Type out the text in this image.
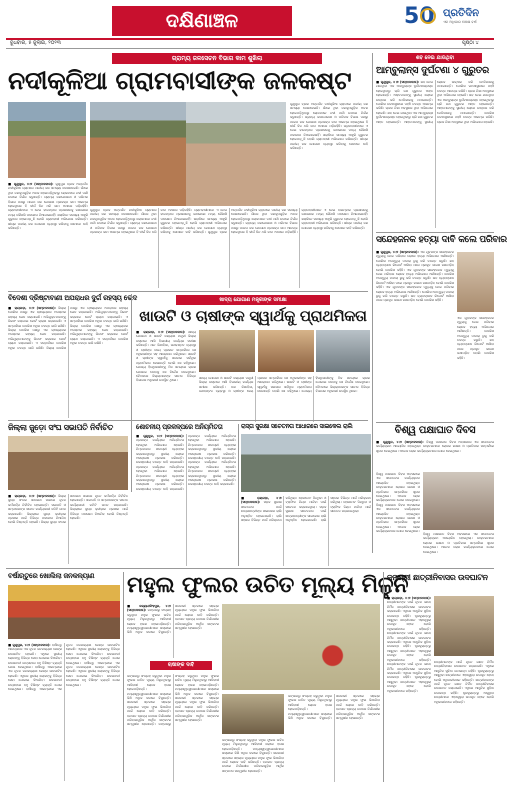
ଦକ୍ଷିଣାଞ୍ଚଳ	50 ପ୍ରତିଦିନ
ଏକ ଅଧିକାର ପଞ୍ଚାଶ ବର୍ଷ
ବୁଧବାର, ୫ ଜୁଲାଇ, ୨୦୨୩	ପୃଷ୍ଠା ୪
ଗ୍ରାମ୍ୟ ଜଳସେଚନ ବିଭାଗ କାମ ଶୁଖିଲା
ନଦୀକୂଳିଆ ଗ୍ରାମବାସୀଙ୍କ ଜଳକଷ୍ଟ
■ ଗୁଣୁପୁର, ୪।୭ (ସମ୍ବାଦଦାତା): ଗୁଣୁପୁର ବ୍ଲକ ଅନ୍ତର୍ଗତ ନଦୀକୂଳିଆ ଗ୍ରାମରେ ପାନୀୟ ଜଳ ସମସ୍ୟା ଦେଖାଦେଇଛି। ଗାଁରେ ଥିବା ନଳକୂପଗୁଡ଼ିକ ଅଚଳ ହୋଇପଡ଼ିଥିବାରୁ ଲୋକମାନେ ନଦୀ ପାଣି ଉପରେ ନିର୍ଭର କରୁଛନ୍ତି। ଗ୍ରାମ୍ୟ ଜଳଯୋଗାଣ ଓ ପରିମଳ ବିଭାଗ ପକ୍ଷରୁ ପାଇପ ଜଳ ଯୋଗାଣ ପ୍ରକଳ୍ପ କାମ ଆରମ୍ଭ ହୋଇଥିଲେ ବି ଦୀର୍ଘ ଦିନ ଧରି କାମ ଅଧାରେ ପଡ଼ିରହିଛି। ଗ୍ରାମବାସୀମାନେ ଏ ନେଇ ବାରମ୍ବାର ପ୍ରଶାସନକୁ ଜଣାଇଲେ ମଧ୍ୟ କୌଣସି ପଦକ୍ଷେପ ନିଆଯାଇନାହିଁ। ଖରାଦିନେ ସମସ୍ୟା ଆହୁରି ଗୁରୁତର ହୋଇପଡ଼ୁଛି ବୋଲି ଗ୍ରାମବାସୀ ଅଭିଯୋଗ କରିଛନ୍ତି। ଶୀଘ୍ର ପାନୀୟ ଜଳ ଯୋଗାଣ ବ୍ୟବସ୍ଥା କରିବାକୁ ସେମାନେ ଦାବି କରିଛନ୍ତି।
ଗୁଣୁପୁର ବ୍ଲକ ଅନ୍ତର୍ଗତ ନଦୀକୂଳିଆ ଗ୍ରାମରେ ପାନୀୟ ଜଳ ସମସ୍ୟା ଦେଖାଦେଇଛି। ଗାଁରେ ଥିବା ନଳକୂପଗୁଡ଼ିକ ଅଚଳ ହୋଇପଡ଼ିଥିବାରୁ ଲୋକମାନେ ନଦୀ ପାଣି ଉପରେ ନିର୍ଭର କରୁଛନ୍ତି। ଗ୍ରାମ୍ୟ ଜଳଯୋଗାଣ ଓ ପରିମଳ ବିଭାଗ ପକ୍ଷରୁ ପାଇପ ଜଳ ଯୋଗାଣ ପ୍ରକଳ୍ପ କାମ ଆରମ୍ଭ ହୋଇଥିଲେ ବି ଦୀର୍ଘ ଦିନ ଧରି କାମ ଅଧାରେ ପଡ଼ିରହିଛି। ଗ୍ରାମବାସୀମାନେ ଏ ନେଇ ବାରମ୍ବାର ପ୍ରଶାସନକୁ ଜଣାଇଲେ ମଧ୍ୟ କୌଣସି ପଦକ୍ଷେପ ନିଆଯାଇନାହିଁ। ଖରାଦିନେ ସମସ୍ୟା ଆହୁରି ଗୁରୁତର ହୋଇପଡ଼ୁଛି ବୋଲି ଗ୍ରାମବାସୀ ଅଭିଯୋଗ କରିଛନ୍ତି। ଶୀଘ୍ର ପାନୀୟ ଜଳ ଯୋଗାଣ ବ୍ୟବସ୍ଥା କରିବାକୁ ସେମାନେ ଦାବି କରିଛନ୍ତି। ଗୁଣୁପୁର ବ୍ଲକ ଅନ୍ତର୍ଗତ ନଦୀକୂଳିଆ ଗ୍ରାମରେ ପାନୀୟ ଜଳ ସମସ୍ୟା ଦେଖାଦେଇଛି। ଗାଁରେ ଥିବା ନଳକୂପଗୁଡ଼ିକ ଅଚଳ ହୋଇପଡ଼ିଥିବାରୁ ଲୋକମାନେ ନଦୀ ପାଣି ଉପରେ ନିର୍ଭର କରୁଛନ୍ତି। ଗ୍ରାମ୍ୟ ଜଳଯୋଗାଣ ଓ ପରିମଳ ବିଭାଗ ପକ୍ଷରୁ ପାଇପ ଜଳ ଯୋଗାଣ ପ୍ରକଳ୍ପ କାମ ଆରମ୍ଭ ହୋଇଥିଲେ ବି ଦୀର୍ଘ ଦିନ ଧରି କାମ ଅଧାରେ ପଡ଼ିରହିଛି। ଗ୍ରାମବାସୀମାନେ ଏ ନେଇ ବାରମ୍ବାର ପ୍ରଶାସନକୁ ଜଣାଇଲେ ମଧ୍ୟ କୌଣସି ପଦକ୍ଷେପ ନିଆଯାଇନାହିଁ। ଖରାଦିନେ ସମସ୍ୟା ଆହୁରି ଗୁରୁତର ହୋଇପଡ଼ୁଛି ବୋଲି ଗ୍ରାମବାସୀ ଅଭିଯୋଗ କରିଛନ୍ତି। ଶୀଘ୍ର ପାନୀୟ ଜଳ ଯୋଗାଣ ବ୍ୟବସ୍ଥା କରିବାକୁ ସେମାନେ ଦାବି କରିଛନ୍ତି।
ଗୁଣୁପୁର ବ୍ଲକ ଅନ୍ତର୍ଗତ ନଦୀକୂଳିଆ ଗ୍ରାମରେ ପାନୀୟ ଜଳ ସମସ୍ୟା ଦେଖାଦେଇଛି। ଗାଁରେ ଥିବା ନଳକୂପଗୁଡ଼ିକ ଅଚଳ ହୋଇପଡ଼ିଥିବାରୁ ଲୋକମାନେ ନଦୀ ପାଣି ଉପରେ ନିର୍ଭର କରୁଛନ୍ତି। ଗ୍ରାମ୍ୟ ଜଳଯୋଗାଣ ଓ ପରିମଳ ବିଭାଗ ପକ୍ଷରୁ ପାଇପ ଜଳ ଯୋଗାଣ ପ୍ରକଳ୍ପ କାମ ଆରମ୍ଭ ହୋଇଥିଲେ ବି ଦୀର୍ଘ ଦିନ ଧରି କାମ ଅଧାରେ ପଡ଼ିରହିଛି। ଗ୍ରାମବାସୀମାନେ ଏ ନେଇ ବାରମ୍ବାର ପ୍ରଶାସନକୁ ଜଣାଇଲେ ମଧ୍ୟ କୌଣସି ପଦକ୍ଷେପ ନିଆଯାଇନାହିଁ। ଖରାଦିନେ ସମସ୍ୟା ଆହୁରି ଗୁରୁତର ହୋଇପଡ଼ୁଛି ବୋଲି ଗ୍ରାମବାସୀ ଅଭିଯୋଗ କରିଛନ୍ତି। ଶୀଘ୍ର ପାନୀୟ ଜଳ ଯୋଗାଣ ବ୍ୟବସ୍ଥା କରିବାକୁ ସେମାନେ ଦାବି କରିଛନ୍ତି।
ଶବ ନେଇ ଯାଉଥିବା
ଆମ୍ବୁଲାନ୍ସ ଦୁର୍ଘଟଣା ୪ ଗୁରୁତର
■ ଗୁଣୁପୁର, ୪।୭ (ସମ୍ବାଦଦାତା): ଶବ ନେଇ ଯାଉଥିବା ଏକ ଆମ୍ବୁଲାନ୍ସ ଦୁର୍ଘଟଣାଗ୍ରସ୍ତ ହୋଇଥିବାରୁ ଚାରି ଜଣ ଗୁରୁତର ଆହତ ହୋଇଛନ୍ତି। ଆହତମାନଙ୍କୁ ସ୍ଥାନୀୟ ଲୋକେ ଉଦ୍ଧାର କରି ମେଡିକାଲକୁ ପଠାଇଛନ୍ତି। ପୋଲିସ ଘଟଣାସ୍ଥଳରେ ପହଞ୍ଚି ତଦନ୍ତ ଆରମ୍ଭ କରିଛି। ଚାଳକ ନିଶା ଅବସ୍ଥାରେ ଥିବା ଅଭିଯୋଗ ହୋଇଛି। ଶବ ନେଇ ଯାଉଥିବା ଏକ ଆମ୍ବୁଲାନ୍ସ ଦୁର୍ଘଟଣାଗ୍ରସ୍ତ ହୋଇଥିବାରୁ ଚାରି ଜଣ ଗୁରୁତର ଆହତ ହୋଇଛନ୍ତି। ଆହତମାନଙ୍କୁ ସ୍ଥାନୀୟ ଲୋକେ ଉଦ୍ଧାର କରି ମେଡିକାଲକୁ ପଠାଇଛନ୍ତି। ପୋଲିସ ଘଟଣାସ୍ଥଳରେ ପହଞ୍ଚି ତଦନ୍ତ ଆରମ୍ଭ କରିଛି। ଚାଳକ ନିଶା ଅବସ୍ଥାରେ ଥିବା ଅଭିଯୋଗ ହୋଇଛି। ଶବ ନେଇ ଯାଉଥିବା ଏକ ଆମ୍ବୁଲାନ୍ସ ଦୁର୍ଘଟଣାଗ୍ରସ୍ତ ହୋଇଥିବାରୁ ଚାରି ଜଣ ଗୁରୁତର ଆହତ ହୋଇଛନ୍ତି। ଆହତମାନଙ୍କୁ ସ୍ଥାନୀୟ ଲୋକେ ଉଦ୍ଧାର କରି ମେଡିକାଲକୁ ପଠାଇଛନ୍ତି। ପୋଲିସ ଘଟଣାସ୍ଥଳରେ ପହଞ୍ଚି ତଦନ୍ତ ଆରମ୍ଭ କରିଛି। ଚାଳକ ନିଶା ଅବସ୍ଥାରେ ଥିବା ଅଭିଯୋଗ ହୋଇଛି।
ସନ୍ଦେହଜନକ ହତ୍ୟା ଦାବି କଲେ ପରିବାର
■ ଗୁଣୁପୁର, ୪।୭ (ସମ୍ବାଦଦାତା): ଏକ ଯୁବକଙ୍କ ସନ୍ଦେହଜନକ ମୃତ୍ୟୁକୁ ନେଇ ପରିବାର ଲୋକେ ହତ୍ୟା ଅଭିଯୋଗ ଆଣିଛନ୍ତି। ପୋଲିସ ଅପମୃତ୍ୟୁ ମାମଲା ରୁଜୁ କରି ତଦନ୍ତ କରୁଛି। ଶବ ବ୍ୟବଚ୍ଛେଦ ରିପୋର୍ଟ ଆସିବା ପରେ ପ୍ରକୃତ କାରଣ ଜଣାପଡ଼ିବ ବୋଲି ପୋଲିସ କହିଛି। ଏକ ଯୁବକଙ୍କ ସନ୍ଦେହଜନକ ମୃତ୍ୟୁକୁ ନେଇ ପରିବାର ଲୋକେ ହତ୍ୟା ଅଭିଯୋଗ ଆଣିଛନ୍ତି। ପୋଲିସ ଅପମୃତ୍ୟୁ ମାମଲା ରୁଜୁ କରି ତଦନ୍ତ କରୁଛି। ଶବ ବ୍ୟବଚ୍ଛେଦ ରିପୋର୍ଟ ଆସିବା ପରେ ପ୍ରକୃତ କାରଣ ଜଣାପଡ଼ିବ ବୋଲି ପୋଲିସ କହିଛି। ଏକ ଯୁବକଙ୍କ ସନ୍ଦେହଜନକ ମୃତ୍ୟୁକୁ ନେଇ ପରିବାର ଲୋକେ ହତ୍ୟା ଅଭିଯୋଗ ଆଣିଛନ୍ତି। ପୋଲିସ ଅପମୃତ୍ୟୁ ମାମଲା ରୁଜୁ କରି ତଦନ୍ତ କରୁଛି। ଶବ ବ୍ୟବଚ୍ଛେଦ ରିପୋର୍ଟ ଆସିବା ପରେ ପ୍ରକୃତ କାରଣ ଜଣାପଡ଼ିବ ବୋଲି ପୋଲିସ କହିଛି।
ଏକ ଯୁବକଙ୍କ ସନ୍ଦେହଜନକ ମୃତ୍ୟୁକୁ ନେଇ ପରିବାର ଲୋକେ ହତ୍ୟା ଅଭିଯୋଗ ଆଣିଛନ୍ତି। ପୋଲିସ ଅପମୃତ୍ୟୁ ମାମଲା ରୁଜୁ କରି ତଦନ୍ତ କରୁଛି। ଶବ ବ୍ୟବଚ୍ଛେଦ ରିପୋର୍ଟ ଆସିବା ପରେ ପ୍ରକୃତ କାରଣ ଜଣାପଡ଼ିବ ବୋଲି ପୋଲିସ କହିଛି।
ବିଶ୍ୱ ପକ୍ଷାଘାତ ଦିବସ
ବିଦେଶୀ ଦ୍ରିଷ୍ଟାବାଣୀ ଅପରାଧର ଦୁର୍ଗ ରହସ୍ୟ ଭେଦ
■ ରାୟଗଡ଼ା, ୪।୭ (ସମ୍ବାଦଦାତା): ଜିଲ୍ଲା ପୋଲିସ ପକ୍ଷରୁ ଏକ ଚାଞ୍ଚଲ୍ୟକର ଅପରାଧର ରହସ୍ୟ ଭେଦ କରାଯାଇଛି। ଅଭିଯୁକ୍ତମାନଙ୍କୁ ଗିରଫ କରାଯାଇ କୋର୍ଟ ଚାଲାଣ କରାଯାଇଛି। ଏ ସମ୍ପର୍କରେ ପୋଲିସ ଅଧିକ ତଦନ୍ତ ଜାରି ରଖିଛି। ଜିଲ୍ଲା ପୋଲିସ ପକ୍ଷରୁ ଏକ ଚାଞ୍ଚଲ୍ୟକର ଅପରାଧର ରହସ୍ୟ ଭେଦ କରାଯାଇଛି। ଅଭିଯୁକ୍ତମାନଙ୍କୁ ଗିରଫ କରାଯାଇ କୋର୍ଟ ଚାଲାଣ କରାଯାଇଛି। ଏ ସମ୍ପର୍କରେ ପୋଲିସ ଅଧିକ ତଦନ୍ତ ଜାରି ରଖିଛି। ଜିଲ୍ଲା ପୋଲିସ ପକ୍ଷରୁ ଏକ ଚାଞ୍ଚଲ୍ୟକର ଅପରାଧର ରହସ୍ୟ ଭେଦ କରାଯାଇଛି। ଅଭିଯୁକ୍ତମାନଙ୍କୁ ଗିରଫ କରାଯାଇ କୋର୍ଟ ଚାଲାଣ କରାଯାଇଛି। ଏ ସମ୍ପର୍କରେ ପୋଲିସ ଅଧିକ ତଦନ୍ତ ଜାରି ରଖିଛି। ଜିଲ୍ଲା ପୋଲିସ ପକ୍ଷରୁ ଏକ ଚାଞ୍ଚଲ୍ୟକର ଅପରାଧର ରହସ୍ୟ ଭେଦ କରାଯାଇଛି। ଅଭିଯୁକ୍ତମାନଙ୍କୁ ଗିରଫ କରାଯାଇ କୋର୍ଟ ଚାଲାଣ କରାଯାଇଛି। ଏ ସମ୍ପର୍କରେ ପୋଲିସ ଅଧିକ ତଦନ୍ତ ଜାରି ରଖିଛି।
ଖାଦ୍ୟ ଯୋଗାଣ ମନ୍ତ୍ରୀଙ୍କ ସମୀକ୍ଷା
ଖାଉଟି ଓ ଚାଷୀଙ୍କ ସ୍ୱାର୍ଥକୁ ପ୍ରାଥମିକତା
■ ରାୟଗଡ଼ା, ୪।୭ (ସମ୍ବାଦଦାତା): ଖାଦ୍ୟ ଯୋଗାଣ ଓ ଖାଉଟି କଲ୍ୟାଣ ମନ୍ତ୍ରୀ ଜିଲ୍ଲା ଗସ୍ତରେ ଆସି ବିଭାଗୀୟ କାର୍ଯ୍ୟର ସମୀକ୍ଷା କରିଛନ୍ତି। ଧାନ କିଣାବିକା, ଗଣବଣ୍ଟନ ବ୍ୟବସ୍ଥା ଓ ଚାଷୀଙ୍କ ଦେୟ ପ୍ରଦାନ ସମ୍ପର୍କରେ ସେ ଅଧିକାରୀଙ୍କ ସହ ଆଲୋଚନା କରିଥିଲେ। ଖାଉଟି ଓ ଚାଷୀଙ୍କ ସ୍ୱାର୍ଥକୁ ସରକାର ସର୍ବାଧିକ ପ୍ରାଥମିକତା ଦେଉଛନ୍ତି ବୋଲି ସେ କହିଥିଲେ। ଯୋଗ୍ୟ ହିତାଧିକାରୀଙ୍କୁ ଠିକ ସମୟରେ ଚାଉଳ ଯୋଗାଇ ଦେବାକୁ ସେ ନିର୍ଦ୍ଦେଶ ଦେଇଥିଲେ। ବୈଠକରେ ଜିଲ୍ଲାପାଳଙ୍କ ସମେତ ବିଭିନ୍ନ ବିଭାଗର ଅଧିକାରୀ ଉପସ୍ଥିତ ଥିଲେ।
ଖାଦ୍ୟ ଯୋଗାଣ ଓ ଖାଉଟି କଲ୍ୟାଣ ମନ୍ତ୍ରୀ ଜିଲ୍ଲା ଗସ୍ତରେ ଆସି ବିଭାଗୀୟ କାର୍ଯ୍ୟର ସମୀକ୍ଷା କରିଛନ୍ତି। ଧାନ କିଣାବିକା, ଗଣବଣ୍ଟନ ବ୍ୟବସ୍ଥା ଓ ଚାଷୀଙ୍କ ଦେୟ ପ୍ରଦାନ ସମ୍ପର୍କରେ ସେ ଅଧିକାରୀଙ୍କ ସହ ଆଲୋଚନା କରିଥିଲେ। ଖାଉଟି ଓ ଚାଷୀଙ୍କ ସ୍ୱାର୍ଥକୁ ସରକାର ସର୍ବାଧିକ ପ୍ରାଥମିକତା ଦେଉଛନ୍ତି ବୋଲି ସେ କହିଥିଲେ। ଯୋଗ୍ୟ ହିତାଧିକାରୀଙ୍କୁ ଠିକ ସମୟରେ ଚାଉଳ ଯୋଗାଇ ଦେବାକୁ ସେ ନିର୍ଦ୍ଦେଶ ଦେଇଥିଲେ। ବୈଠକରେ ଜିଲ୍ଲାପାଳଙ୍କ ସମେତ ବିଭିନ୍ନ ବିଭାଗର ଅଧିକାରୀ ଉପସ୍ଥିତ ଥିଲେ।
ଜିଲ୍ଲା ଜୁଡ଼ୋ ସଂଘ ସଭାପତି ନିର୍ବାଚିତ
■ ରାୟଗଡ଼ା, ୪।୭ (ସମ୍ବାଦଦାତା): ଜିଲ୍ଲା ଜୁଡ଼ୋ ସଂଘର ସାଧାରଣ ସଭାରେ ନୂତନ କର୍ମକର୍ତ୍ତା ନିର୍ବାଚିତ ହୋଇଛନ୍ତି। ସଭାପତି ଓ ସମ୍ପାଦକଙ୍କ ସମେତ କାର୍ଯ୍ୟକାରୀ କମିଟି ଗଠନ କରାଯାଇଛି। ଜିଲ୍ଲାରେ ଜୁଡ଼ୋ କ୍ରୀଡ଼ାର ପ୍ରସାର ପାଇଁ ବିଭିନ୍ନ ପଦକ୍ଷେପ ନିଆଯିବ ବୋଲି ନିଷ୍ପତ୍ତି ହୋଇଛି। ଜିଲ୍ଲା ଜୁଡ଼ୋ ସଂଘର ସାଧାରଣ ସଭାରେ ନୂତନ କର୍ମକର୍ତ୍ତା ନିର୍ବାଚିତ ହୋଇଛନ୍ତି। ସଭାପତି ଓ ସମ୍ପାଦକଙ୍କ ସମେତ କାର୍ଯ୍ୟକାରୀ କମିଟି ଗଠନ କରାଯାଇଛି। ଜିଲ୍ଲାରେ ଜୁଡ଼ୋ କ୍ରୀଡ଼ାର ପ୍ରସାର ପାଇଁ ବିଭିନ୍ନ ପଦକ୍ଷେପ ନିଆଯିବ ବୋଲି ନିଷ୍ପତ୍ତି ହୋଇଛି।
ଶୋଚନୀୟ ପ୍ରକଳ୍ପରେ ଅନିୟମିତତା
■ ଗୁଣୁପୁର, ୪।୭ (ସମ୍ବାଦଦାତା): ପ୍ରକଳ୍ପ କାର୍ଯ୍ୟରେ ଅନିୟମିତତା ହେଉଥିବା ଅଭିଯୋଗ ହୋଇଛି। ନିମ୍ନମାନର ସାମଗ୍ରୀ ବ୍ୟବହାର କରାଯାଉଥିବାରୁ ସ୍ଥାନୀୟ ଲୋକେ ଅସନ୍ତୋଷ ପ୍ରକାଶ କରିଛନ୍ତି। ଉଚ୍ଚସ୍ତରୀୟ ତଦନ୍ତ ଦାବି କରାଯାଇଛି। ପ୍ରକଳ୍ପ କାର୍ଯ୍ୟରେ ଅନିୟମିତତା ହେଉଥିବା ଅଭିଯୋଗ ହୋଇଛି। ନିମ୍ନମାନର ସାମଗ୍ରୀ ବ୍ୟବହାର କରାଯାଉଥିବାରୁ ସ୍ଥାନୀୟ ଲୋକେ ଅସନ୍ତୋଷ ପ୍ରକାଶ କରିଛନ୍ତି। ଉଚ୍ଚସ୍ତରୀୟ ତଦନ୍ତ ଦାବି କରାଯାଇଛି। ପ୍ରକଳ୍ପ କାର୍ଯ୍ୟରେ ଅନିୟମିତତା ହେଉଥିବା ଅଭିଯୋଗ ହୋଇଛି। ନିମ୍ନମାନର ସାମଗ୍ରୀ ବ୍ୟବହାର କରାଯାଉଥିବାରୁ ସ୍ଥାନୀୟ ଲୋକେ ଅସନ୍ତୋଷ ପ୍ରକାଶ କରିଛନ୍ତି। ଉଚ୍ଚସ୍ତରୀୟ ତଦନ୍ତ ଦାବି କରାଯାଇଛି। ପ୍ରକଳ୍ପ କାର୍ଯ୍ୟରେ ଅନିୟମିତତା ହେଉଥିବା ଅଭିଯୋଗ ହୋଇଛି। ନିମ୍ନମାନର ସାମଗ୍ରୀ ବ୍ୟବହାର କରାଯାଉଥିବାରୁ ସ୍ଥାନୀୟ ଲୋକେ ଅସନ୍ତୋଷ ପ୍ରକାଶ କରିଛନ୍ତି। ଉଚ୍ଚସ୍ତରୀୟ ତଦନ୍ତ ଦାବି କରାଯାଇଛି।
ରାସ୍ତା ସୁରକ୍ଷା ସଚେତନତା ଆଧାରରେ ସାଇକେଲ ରାଲି
■ ରାୟଗଡ଼ା, ୪।୭ (ସମ୍ବାଦଦାତା): ସଡ଼କ ସୁରକ୍ଷା ସଚେତନତା ପାଇଁ ଛାତ୍ରଛାତ୍ରୀଙ୍କ ସାଇକେଲ ରାଲି ଅନୁଷ୍ଠିତ ହୋଇଯାଇଛି। ରାଲି ସହରର ବିଭିନ୍ନ ମାର୍ଗ ପରିକ୍ରମା କରିଥିଲା। ହେଲମେଟ ପିନ୍ଧିବା ଓ ଟ୍ରାଫିକ ନିୟମ ମାନିବା ପାଇଁ ସଚେତନ କରାଯାଇଥିଲା। ସଡ଼କ ସୁରକ୍ଷା ସଚେତନତା ପାଇଁ ଛାତ୍ରଛାତ୍ରୀଙ୍କ ସାଇକେଲ ରାଲି ଅନୁଷ୍ଠିତ ହୋଇଯାଇଛି। ରାଲି ସହରର ବିଭିନ୍ନ ମାର୍ଗ ପରିକ୍ରମା କରିଥିଲା। ହେଲମେଟ ପିନ୍ଧିବା ଓ ଟ୍ରାଫିକ ନିୟମ ମାନିବା ପାଇଁ ସଚେତନ କରାଯାଇଥିଲା।
■ ଗୁଣୁପୁର, ୪।୭ (ସମ୍ବାଦଦାତା): ବିଶ୍ୱ ପକ୍ଷାଘାତ ଦିବସ ଅବସରରେ ଏକ ସଚେତନତା କାର୍ଯ୍ୟକ୍ରମ ଆୟୋଜିତ ହୋଇଥିଲା। ଡାକ୍ତରମାନେ ରୋଗର ଲକ୍ଷଣ ଓ ପ୍ରତିକାର ସମ୍ପର୍କରେ ସୂଚନା ଦେଇଥିଲେ। ଅନେକ ଲୋକ କାର୍ଯ୍ୟକ୍ରମରେ ଯୋଗ ଦେଇଥିଲେ।
ବିଶ୍ୱ ପକ୍ଷାଘାତ ଦିବସ ଅବସରରେ ଏକ ସଚେତନତା କାର୍ଯ୍ୟକ୍ରମ ଆୟୋଜିତ ହୋଇଥିଲା। ଡାକ୍ତରମାନେ ରୋଗର ଲକ୍ଷଣ ଓ ପ୍ରତିକାର ସମ୍ପର୍କରେ ସୂଚନା ଦେଇଥିଲେ। ଅନେକ ଲୋକ କାର୍ଯ୍ୟକ୍ରମରେ ଯୋଗ ଦେଇଥିଲେ। ବିଶ୍ୱ ପକ୍ଷାଘାତ ଦିବସ ଅବସରରେ ଏକ ସଚେତନତା କାର୍ଯ୍ୟକ୍ରମ ଆୟୋଜିତ ହୋଇଥିଲା। ଡାକ୍ତରମାନେ ରୋଗର ଲକ୍ଷଣ ଓ ପ୍ରତିକାର ସମ୍ପର୍କରେ ସୂଚନା ଦେଇଥିଲେ। ଅନେକ ଲୋକ କାର୍ଯ୍ୟକ୍ରମରେ ଯୋଗ ଦେଇଥିଲେ।
ବିଶ୍ୱ ପକ୍ଷାଘାତ ଦିବସ ଅବସରରେ ଏକ ସଚେତନତା କାର୍ଯ୍ୟକ୍ରମ ଆୟୋଜିତ ହୋଇଥିଲା। ଡାକ୍ତରମାନେ ରୋଗର ଲକ୍ଷଣ ଓ ପ୍ରତିକାର ସମ୍ପର୍କରେ ସୂଚନା ଦେଇଥିଲେ। ଅନେକ ଲୋକ କାର୍ଯ୍ୟକ୍ରମରେ ଯୋଗ ଦେଇଥିଲେ।
ବର୍ଷାଋତୁରେ ଖୋଲିଲା ଜନକଳ୍ୟାଣ
■ ଗୁଣୁପୁର, ୪।୭ (ସମ୍ବାଦଦାତା): ବର୍ଷାଋତୁ ଆରମ୍ଭରେ ଏକ ନୂତନ ଜନକଳ୍ୟାଣ କେନ୍ଦ୍ର ଉଦଘାଟିତ ହୋଇଛି। ଏଥିରେ ସ୍ଥାନୀୟ ଲୋକଙ୍କୁ ବିଭିନ୍ନ ସେବା ଯୋଗାଇ ଦିଆଯିବ। ଉଦଘାଟନୀ ଉତ୍ସବରେ ବହୁ ବିଶିଷ୍ଟ ବ୍ୟକ୍ତି ଯୋଗ ଦେଇଥିଲେ। ବର୍ଷାଋତୁ ଆରମ୍ଭରେ ଏକ ନୂତନ ଜନକଳ୍ୟାଣ କେନ୍ଦ୍ର ଉଦଘାଟିତ ହୋଇଛି। ଏଥିରେ ସ୍ଥାନୀୟ ଲୋକଙ୍କୁ ବିଭିନ୍ନ ସେବା ଯୋଗାଇ ଦିଆଯିବ। ଉଦଘାଟନୀ ଉତ୍ସବରେ ବହୁ ବିଶିଷ୍ଟ ବ୍ୟକ୍ତି ଯୋଗ ଦେଇଥିଲେ। ବର୍ଷାଋତୁ ଆରମ୍ଭରେ ଏକ ନୂତନ ଜନକଳ୍ୟାଣ କେନ୍ଦ୍ର ଉଦଘାଟିତ ହୋଇଛି। ଏଥିରେ ସ୍ଥାନୀୟ ଲୋକଙ୍କୁ ବିଭିନ୍ନ ସେବା ଯୋଗାଇ ଦିଆଯିବ। ଉଦଘାଟନୀ ଉତ୍ସବରେ ବହୁ ବିଶିଷ୍ଟ ବ୍ୟକ୍ତି ଯୋଗ ଦେଇଥିଲେ। ବର୍ଷାଋତୁ ଆରମ୍ଭରେ ଏକ ନୂତନ ଜନକଳ୍ୟାଣ କେନ୍ଦ୍ର ଉଦଘାଟିତ ହୋଇଛି। ଏଥିରେ ସ୍ଥାନୀୟ ଲୋକଙ୍କୁ ବିଭିନ୍ନ ସେବା ଯୋଗାଇ ଦିଆଯିବ। ଉଦଘାଟନୀ ଉତ୍ସବରେ ବହୁ ବିଶିଷ୍ଟ ବ୍ୟକ୍ତି ଯୋଗ ଦେଇଥିଲେ।
ମହୁଲ ଫୁଲର ଉଚିତ ମୂଲ୍ୟ ମିଳୁନି
■ କଳ୍ୟାଣସିଂହପୁର, ୪।୭ (ସମ୍ବାଦଦାତା): ଜଙ୍ଗଲରୁ ସଂଗ୍ରହ କରୁଥିବା ମହୁଲ ଫୁଲର ଉଚିତ ମୂଲ୍ୟ ମିଳୁନଥିବାରୁ ଆଦିବାସୀ ଲୋକେ ହତାଶ ହୋଇପଡ଼ିଛନ୍ତି। ମଧ୍ୟସ୍ୱତ୍ୱଭୋଗୀମାନେ ଶସ୍ତାରେ କିଣି ଅଧିକ ଦରରେ ବିକୁଛନ୍ତି। ସରକାରୀ ସ୍ତରରେ ସହାୟକ ମୂଲ୍ୟରେ ମହୁଲ ଫୁଲ କିଣାଯିବା ପାଇଁ ଲୋକେ ଦାବି କରିଛନ୍ତି। ବନଜାତ ଦ୍ରବ୍ୟ ଉପରେ ନିର୍ଭରଶୀଳ ପରିବାରଗୁଡ଼ିକ ଆର୍ଥିକ ସଙ୍କଟର ସମ୍ମୁଖୀନ ହେଉଛନ୍ତି।
ଚାଷୀଙ୍କ ଦାବି
ଜଙ୍ଗଲରୁ ସଂଗ୍ରହ କରୁଥିବା ମହୁଲ ଫୁଲର ଉଚିତ ମୂଲ୍ୟ ମିଳୁନଥିବାରୁ ଆଦିବାସୀ ଲୋକେ ହତାଶ ହୋଇପଡ଼ିଛନ୍ତି। ମଧ୍ୟସ୍ୱତ୍ୱଭୋଗୀମାନେ ଶସ୍ତାରେ କିଣି ଅଧିକ ଦରରେ ବିକୁଛନ୍ତି। ସରକାରୀ ସ୍ତରରେ ସହାୟକ ମୂଲ୍ୟରେ ମହୁଲ ଫୁଲ କିଣାଯିବା ପାଇଁ ଲୋକେ ଦାବି କରିଛନ୍ତି। ବନଜାତ ଦ୍ରବ୍ୟ ଉପରେ ନିର୍ଭରଶୀଳ ପରିବାରଗୁଡ଼ିକ ଆର୍ଥିକ ସଙ୍କଟର ସମ୍ମୁଖୀନ ହେଉଛନ୍ତି। ଜଙ୍ଗଲରୁ ସଂଗ୍ରହ କରୁଥିବା ମହୁଲ ଫୁଲର ଉଚିତ ମୂଲ୍ୟ ମିଳୁନଥିବାରୁ ଆଦିବାସୀ ଲୋକେ ହତାଶ ହୋଇପଡ଼ିଛନ୍ତି। ମଧ୍ୟସ୍ୱତ୍ୱଭୋଗୀମାନେ ଶସ୍ତାରେ କିଣି ଅଧିକ ଦରରେ ବିକୁଛନ୍ତି। ସରକାରୀ ସ୍ତରରେ ସହାୟକ ମୂଲ୍ୟରେ ମହୁଲ ଫୁଲ କିଣାଯିବା ପାଇଁ ଲୋକେ ଦାବି କରିଛନ୍ତି। ବନଜାତ ଦ୍ରବ୍ୟ ଉପରେ ନିର୍ଭରଶୀଳ ପରିବାରଗୁଡ଼ିକ ଆର୍ଥିକ ସଙ୍କଟର ସମ୍ମୁଖୀନ ହେଉଛନ୍ତି।
ଜଙ୍ଗଲରୁ ସଂଗ୍ରହ କରୁଥିବା ମହୁଲ ଫୁଲର ଉଚିତ ମୂଲ୍ୟ ମିଳୁନଥିବାରୁ ଆଦିବାସୀ ଲୋକେ ହତାଶ ହୋଇପଡ଼ିଛନ୍ତି। ମଧ୍ୟସ୍ୱତ୍ୱଭୋଗୀମାନେ ଶସ୍ତାରେ କିଣି ଅଧିକ ଦରରେ ବିକୁଛନ୍ତି। ସରକାରୀ ସ୍ତରରେ ସହାୟକ ମୂଲ୍ୟରେ ମହୁଲ ଫୁଲ କିଣାଯିବା ପାଇଁ ଲୋକେ ଦାବି କରିଛନ୍ତି। ବନଜାତ ଦ୍ରବ୍ୟ ଉପରେ ନିର୍ଭରଶୀଳ ପରିବାରଗୁଡ଼ିକ ଆର୍ଥିକ ସଙ୍କଟର ସମ୍ମୁଖୀନ ହେଉଛନ୍ତି।
ଜଙ୍ଗଲରୁ ସଂଗ୍ରହ କରୁଥିବା ମହୁଲ ଫୁଲର ଉଚିତ ମୂଲ୍ୟ ମିଳୁନଥିବାରୁ ଆଦିବାସୀ ଲୋକେ ହତାଶ ହୋଇପଡ଼ିଛନ୍ତି। ମଧ୍ୟସ୍ୱତ୍ୱଭୋଗୀମାନେ ଶସ୍ତାରେ କିଣି ଅଧିକ ଦରରେ ବିକୁଛନ୍ତି। ସରକାରୀ ସ୍ତରରେ ସହାୟକ ମୂଲ୍ୟରେ ମହୁଲ ଫୁଲ କିଣାଯିବା ପାଇଁ ଲୋକେ ଦାବି କରିଛନ୍ତି। ବନଜାତ ଦ୍ରବ୍ୟ ଉପରେ ନିର୍ଭରଶୀଳ ପରିବାରଗୁଡ଼ିକ ଆର୍ଥିକ ସଙ୍କଟର ସମ୍ମୁଖୀନ ହେଉଛନ୍ତି।
ଜନଶ୍ରୀ ଛାତ୍ରୀନିବାସର ଉଦଘାଟନ
■ ରାୟଗଡ଼ା, ୪।୭ (ସମ୍ବାଦଦାତା): ଛାତ୍ରୀମାନଙ୍କ ପାଇଁ ନୂତନ ଭାବେ ନିର୍ମିତ ଛାତ୍ରୀନିବାସର ଉଦଘାଟନ କରାଯାଇଛି। ଏଥିରେ ଆଧୁନିକ ସୁବିଧା ଉପଲବ୍ଧ ରହିଛି। ଦୂରଦୂରାନ୍ତରୁ ଆସୁଥିବା ଛାତ୍ରୀମାନେ ଏହାଦ୍ୱାରା ଉପକୃତ ହେବେ ବୋଲି ଅଧିକାରୀମାନେ କହିଛନ୍ତି। ଛାତ୍ରୀମାନଙ୍କ ପାଇଁ ନୂତନ ଭାବେ ନିର୍ମିତ ଛାତ୍ରୀନିବାସର ଉଦଘାଟନ କରାଯାଇଛି। ଏଥିରେ ଆଧୁନିକ ସୁବିଧା ଉପଲବ୍ଧ ରହିଛି। ଦୂରଦୂରାନ୍ତରୁ ଆସୁଥିବା ଛାତ୍ରୀମାନେ ଏହାଦ୍ୱାରା ଉପକୃତ ହେବେ ବୋଲି ଅଧିକାରୀମାନେ କହିଛନ୍ତି। ଛାତ୍ରୀମାନଙ୍କ ପାଇଁ ନୂତନ ଭାବେ ନିର୍ମିତ ଛାତ୍ରୀନିବାସର ଉଦଘାଟନ କରାଯାଇଛି। ଏଥିରେ ଆଧୁନିକ ସୁବିଧା ଉପଲବ୍ଧ ରହିଛି। ଦୂରଦୂରାନ୍ତରୁ ଆସୁଥିବା ଛାତ୍ରୀମାନେ ଏହାଦ୍ୱାରା ଉପକୃତ ହେବେ ବୋଲି ଅଧିକାରୀମାନେ କହିଛନ୍ତି।
ଛାତ୍ରୀମାନଙ୍କ ପାଇଁ ନୂତନ ଭାବେ ନିର୍ମିତ ଛାତ୍ରୀନିବାସର ଉଦଘାଟନ କରାଯାଇଛି। ଏଥିରେ ଆଧୁନିକ ସୁବିଧା ଉପଲବ୍ଧ ରହିଛି। ଦୂରଦୂରାନ୍ତରୁ ଆସୁଥିବା ଛାତ୍ରୀମାନେ ଏହାଦ୍ୱାରା ଉପକୃତ ହେବେ ବୋଲି ଅଧିକାରୀମାନେ କହିଛନ୍ତି। ଛାତ୍ରୀମାନଙ୍କ ପାଇଁ ନୂତନ ଭାବେ ନିର୍ମିତ ଛାତ୍ରୀନିବାସର ଉଦଘାଟନ କରାଯାଇଛି। ଏଥିରେ ଆଧୁନିକ ସୁବିଧା ଉପଲବ୍ଧ ରହିଛି। ଦୂରଦୂରାନ୍ତରୁ ଆସୁଥିବା ଛାତ୍ରୀମାନେ ଏହାଦ୍ୱାରା ଉପକୃତ ହେବେ ବୋଲି ଅଧିକାରୀମାନେ କହିଛନ୍ତି।
